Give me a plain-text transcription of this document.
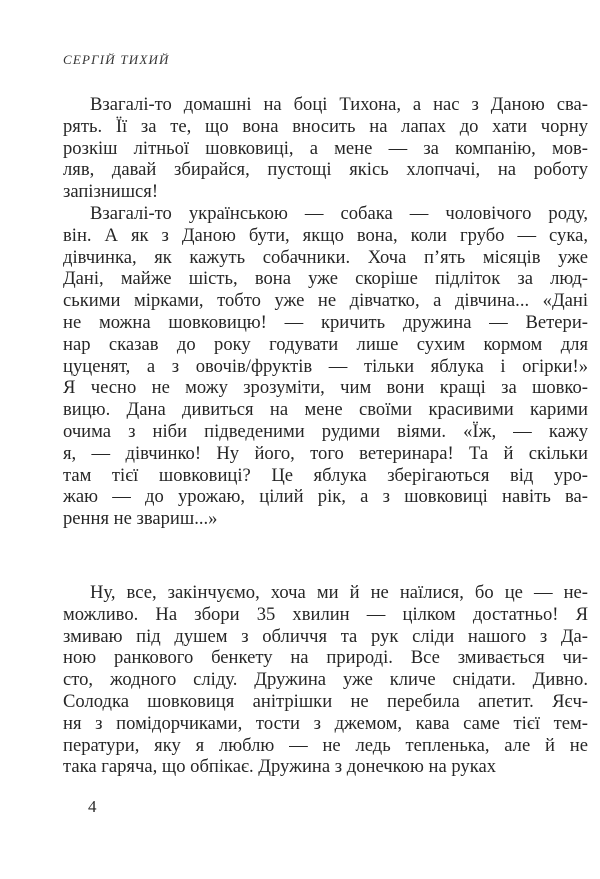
СЕРГІЙ ТИХИЙ
Взагалі-то домашні на боці Тихона, а нас з Даною сва-
рять. Її за те, що вона вносить на лапах до хати чорну
розкіш літньої шовковиці, а мене — за компанію, мов-
ляв, давай збирайся, пустощі якісь хлопчачі, на роботу
запізнишся!
Взагалі-то українською — собака — чоловічого роду,
він. А як з Даною бути, якщо вона, коли грубо — сука,
дівчинка, як кажуть собачники. Хоча п’ять місяців уже
Дані, майже шість, вона уже скоріше підліток за люд-
ськими мірками, тобто уже не дівчатко, а дівчина... «Дані
не можна шовковицю! — кричить дружина — Ветери-
нар сказав до року годувати лише сухим кормом для
цуценят, а з овочів/фруктів — тільки яблука і огірки!»
Я чесно не можу зрозуміти, чим вони кращі за шовко-
вицю. Дана дивиться на мене своїми красивими карими
очима з ніби підведеними рудими віями. «Їж, — кажу
я, — дівчинко! Ну його, того ветеринара! Та й скільки
там тієї шовковиці? Це яблука зберігаються від уро-
жаю — до урожаю, цілий рік, а з шовковиці навіть ва-
рення не звариш...»
Ну, все, закінчуємо, хоча ми й не наїлися, бо це — не-
можливо. На збори 35 хвилин — цілком достатньо! Я
змиваю під душем з обличчя та рук сліди нашого з Да-
ною ранкового бенкету на природі. Все змивається чи-
сто, жодного сліду. Дружина уже кличе снідати. Дивно.
Солодка шовковиця анітрішки не перебила апетит. Яєч-
ня з помідорчиками, тости з джемом, кава саме тієї тем-
ператури, яку я люблю — не ледь тепленька, але й не
така гаряча, що обпікає. Дружина з донечкою на руках
4
